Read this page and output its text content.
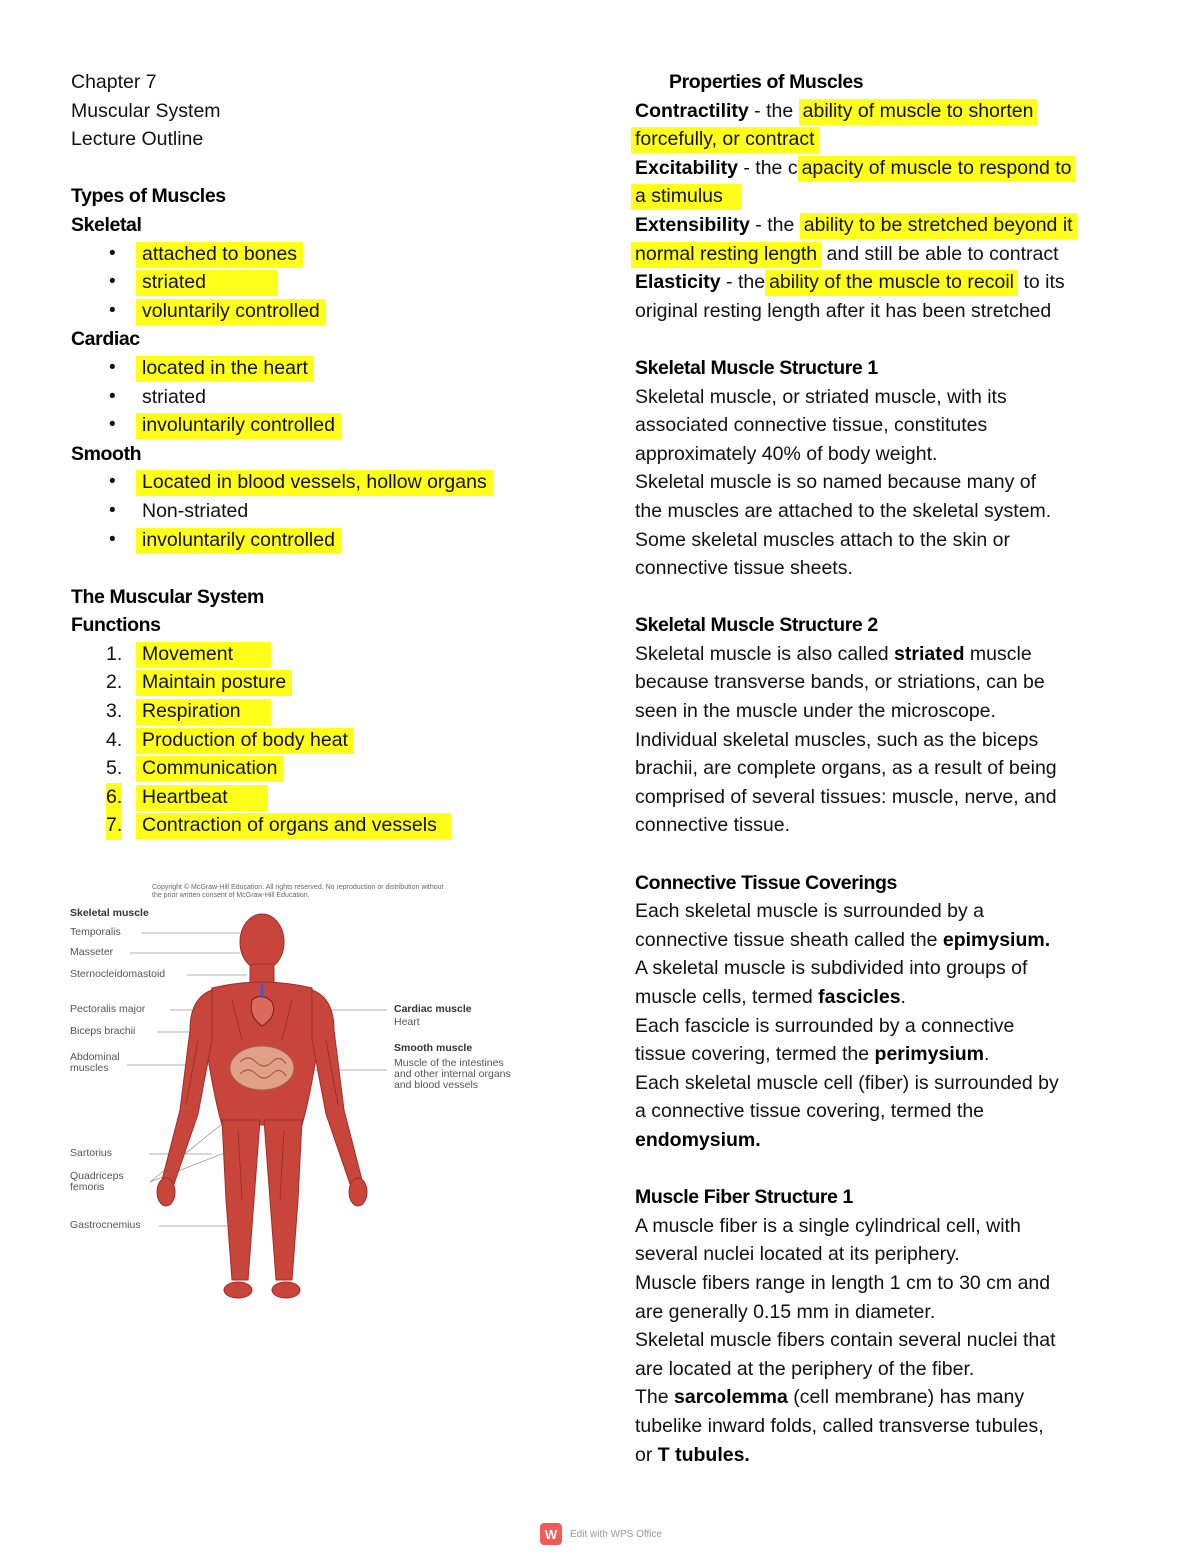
Chapter 7
Muscular System
Lecture Outline
Types of Muscles
Skeletal
• attached to bones
• striated
• voluntarily controlled
Cardiac
• located in the heart
• striated
• involuntarily controlled
Smooth
• Located in blood vessels, hollow organs
• Non-striated
• involuntarily controlled
The Muscular System
Functions
1. Movement
2. Maintain posture
3. Respiration
4. Production of body heat
5. Communication
6. Heartbeat
7. Contraction of organs and vessels
Copyright © McGraw-Hill Education. All rights reserved. No reproduction or distribution without the prior written consent of McGraw-Hill Education.
Skeletal muscle
Temporalis
Masseter
Sternocleidomastoid
Pectoralis major
Biceps brachii
Abdominal muscles
Sartorius
Quadriceps femoris
Gastrocnemius
Cardiac muscle
Heart
Smooth muscle
Muscle of the intestines and other internal organs and blood vessels
Properties of Muscles
Contractility - the ability of muscle to shorten
forcefully, or contract
Excitability - the c apacity of muscle to respond to
a stimulus
Extensibility - the ability to be stretched beyond it
normal resting length and still be able to contract
Elasticity - the ability of the muscle to recoil to its
original resting length after it has been stretched
Skeletal Muscle Structure 1
Skeletal muscle, or striated muscle, with its
associated connective tissue, constitutes
approximately 40% of body weight.
Skeletal muscle is so named because many of
the muscles are attached to the skeletal system.
Some skeletal muscles attach to the skin or
connective tissue sheets.
Skeletal Muscle Structure 2
Skeletal muscle is also called striated muscle
because transverse bands, or striations, can be
seen in the muscle under the microscope.
Individual skeletal muscles, such as the biceps
brachii, are complete organs, as a result of being
comprised of several tissues: muscle, nerve, and
connective tissue.
Connective Tissue Coverings
Each skeletal muscle is surrounded by a
connective tissue sheath called the epimysium.
A skeletal muscle is subdivided into groups of
muscle cells, termed fascicles.
Each fascicle is surrounded by a connective
tissue covering, termed the perimysium.
Each skeletal muscle cell (fiber) is surrounded by
a connective tissue covering, termed the
endomysium.
Muscle Fiber Structure 1
A muscle fiber is a single cylindrical cell, with
several nuclei located at its periphery.
Muscle fibers range in length 1 cm to 30 cm and
are generally 0.15 mm in diameter.
Skeletal muscle fibers contain several nuclei that
are located at the periphery of the fiber.
The sarcolemma (cell membrane) has many
tubelike inward folds, called transverse tubules,
or T tubules.
W	Edit with WPS Office
